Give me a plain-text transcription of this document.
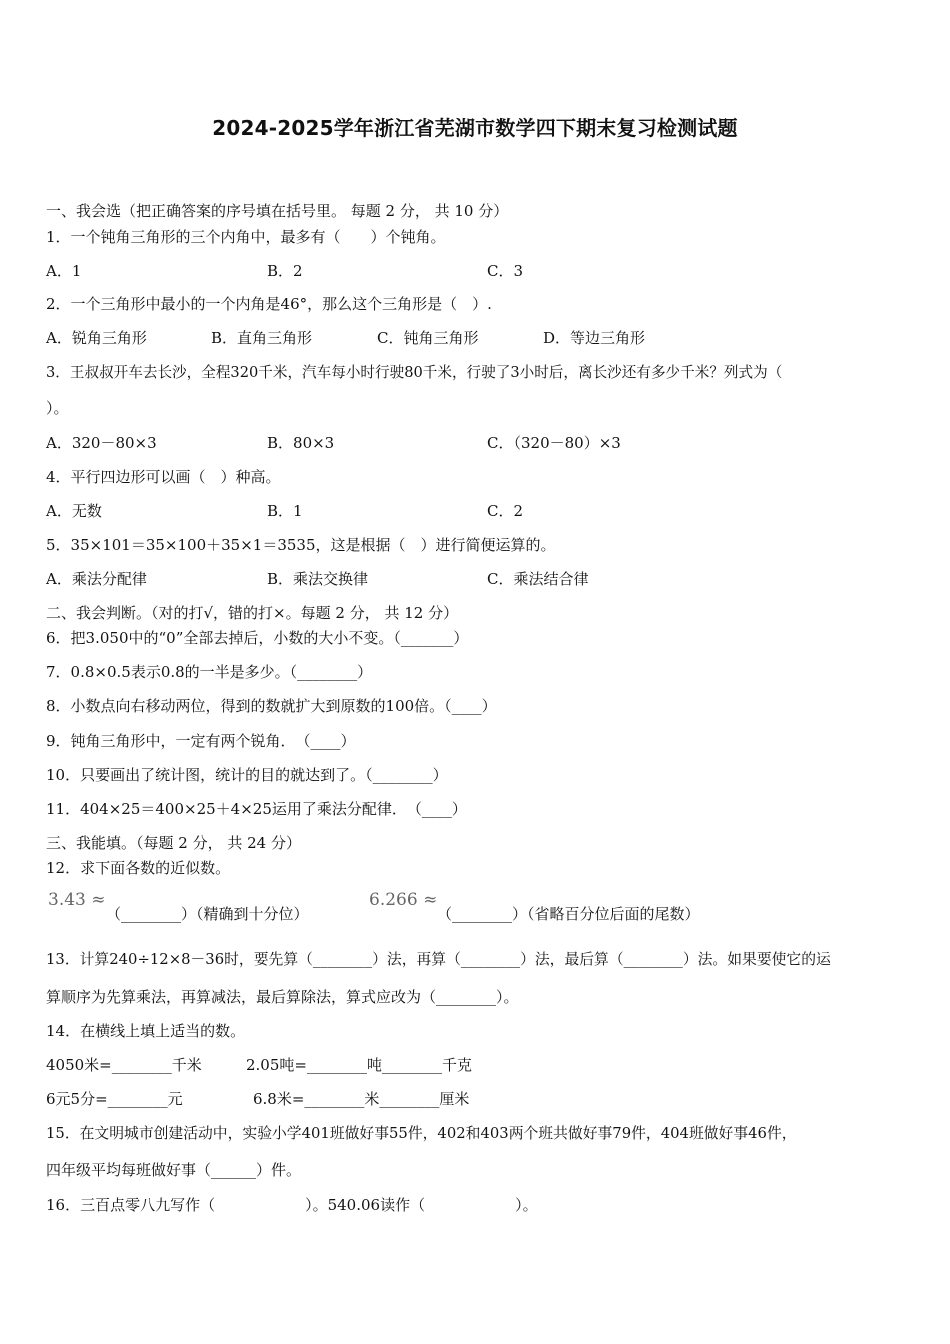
2024-2025学年浙江省芜湖市数学四下期末复习检测试题
一、我会选（把正确答案的序号填在括号里。 每题 2 分， 共 10 分）
1．一个钝角三角形的三个内角中，最多有（　　）个钝角。
A．1	B．2	C．3
2．一个三角形中最小的一个内角是46°，那么这个三角形是（　）.
A．锐角三角形	B．直角三角形	C．钝角三角形	D．等边三角形
3．王叔叔开车去长沙，全程320千米，汽车每小时行驶80千米，行驶了3小时后，离长沙还有多少千米？列式为（
）。
A．320－80×3	B．80×3	C．（320－80）×3
4．平行四边形可以画（　）种高。
A．无数	B．1	C．2
5．35×101＝35×100＋35×1＝3535，这是根据（　）进行简便运算的。
A．乘法分配律	B．乘法交换律	C．乘法结合律
二、我会判断。（对的打√，错的打×。每题 2 分， 共 12 分）
6．把3.050中的“0”全部去掉后，小数的大小不变。（_______）
7．0.8×0.5表示0.8的一半是多少。（________）
8．小数点向右移动两位，得到的数就扩大到原数的100倍。（____）
9．钝角三角形中，一定有两个锐角．　（____）
10．只要画出了统计图，统计的目的就达到了。（________）
11．404×25＝400×25＋4×25运用了乘法分配律．　（____）
三、我能填。（每题 2 分， 共 24 分）
12．求下面各数的近似数。
3.43 ≈
（________）（精确到十分位）
6.266 ≈
（________）（省略百分位后面的尾数）
13．计算240÷12×8－36时，要先算（________）法，再算（________）法，最后算（________）法。如果要使它的运
算顺序为先算乘法，再算减法，最后算除法，算式应改为（________）。
14．在横线上填上适当的数。
4050米=________千米	2.05吨=________吨________千克
6元5分=________元	6.8米=________米________厘米
15．在文明城市创建活动中，实验小学401班做好事55件，402和403两个班共做好事79件，404班做好事46件，
四年级平均每班做好事（______）件。
16．三百点零八九写作（　　　　　　）。540.06读作（　　　　　　）。
